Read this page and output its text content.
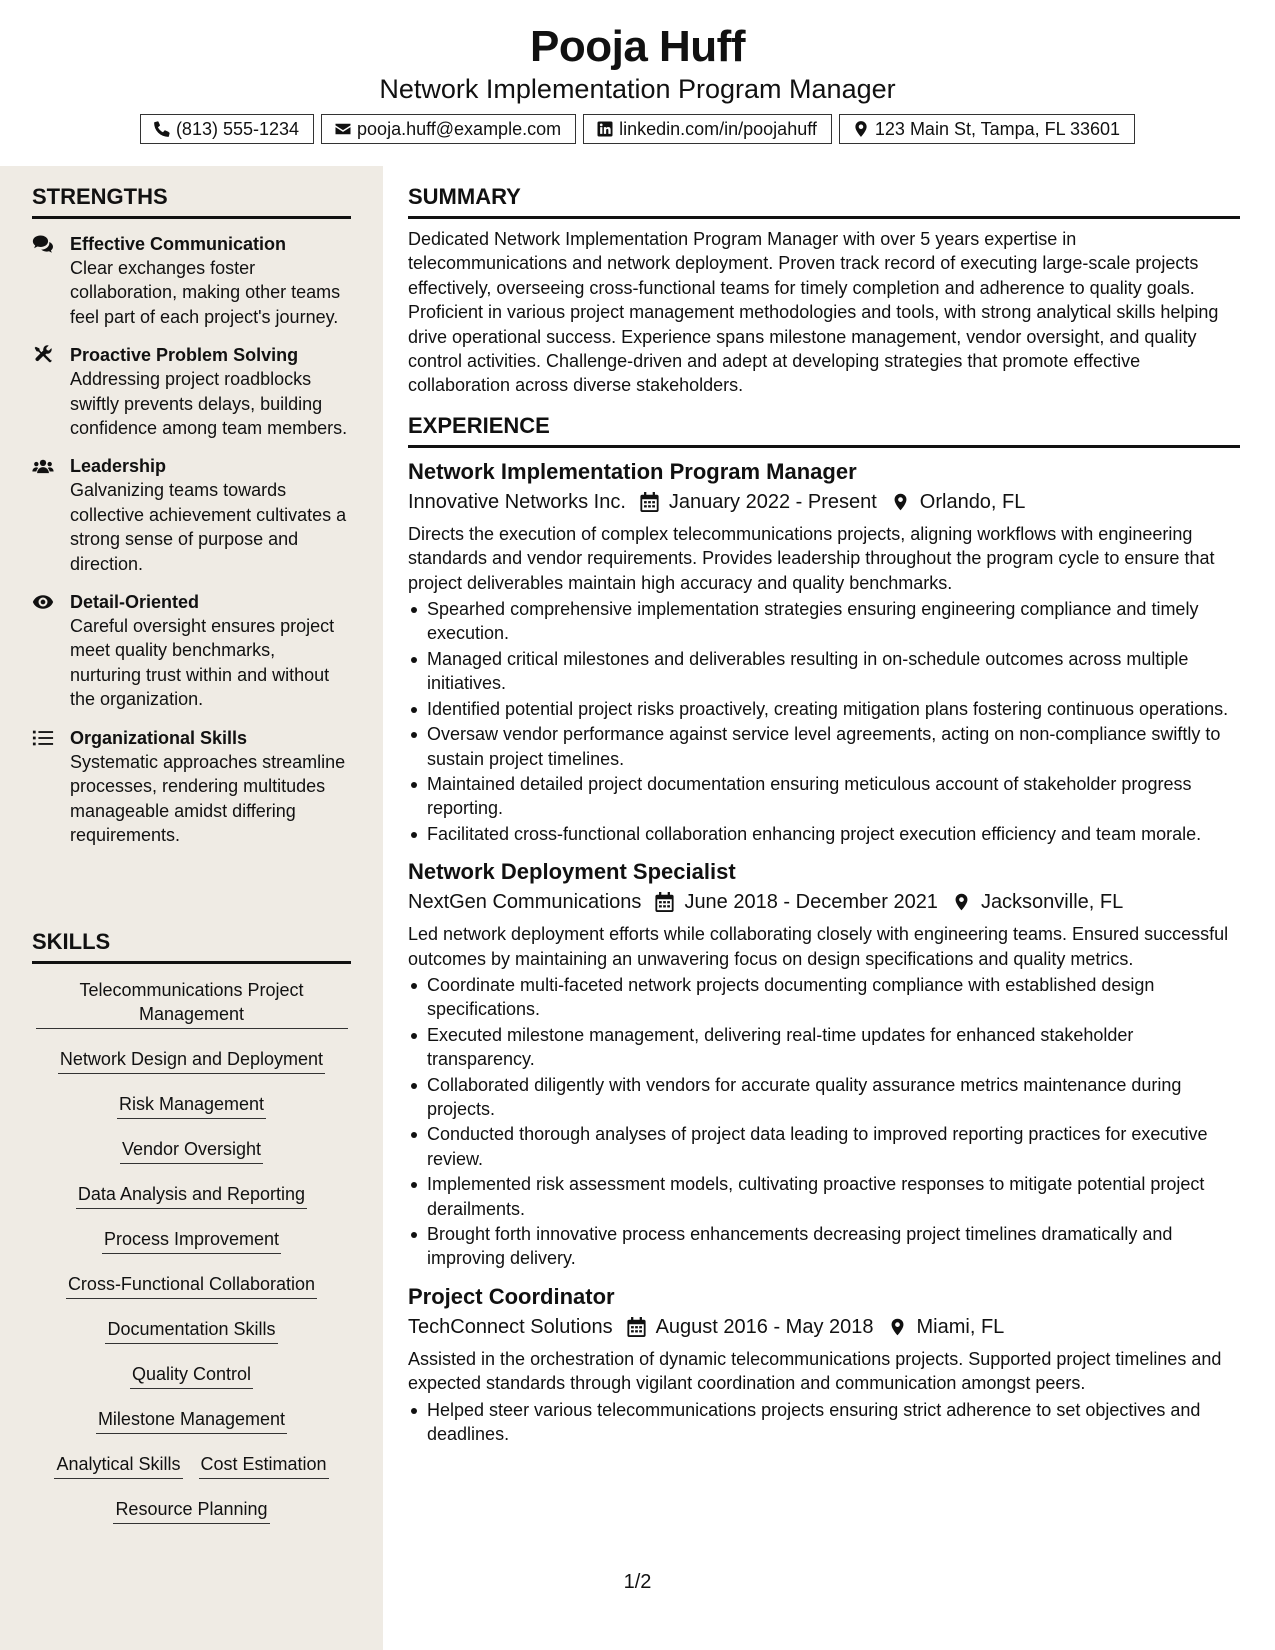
Pooja Huff
Network Implementation Program Manager
(813) 555-1234	pooja.huff@example.com	linkedin.com/in/poojahuff	123 Main St, Tampa, FL 33601
STRENGTHS
Effective Communication
Clear exchanges foster collaboration, making other teams feel part of each project's journey.
Proactive Problem Solving
Addressing project roadblocks swiftly prevents delays, building confidence among team members.
Leadership
Galvanizing teams towards collective achievement cultivates a strong sense of purpose and direction.
Detail-Oriented
Careful oversight ensures project meet quality benchmarks, nurturing trust within and without the organization.
Organizational Skills
Systematic approaches streamline processes, rendering multitudes manageable amidst differing requirements.
SKILLS
Telecommunications Project Management
Network Design and Deployment
Risk Management
Vendor Oversight
Data Analysis and Reporting
Process Improvement
Cross-Functional Collaboration
Documentation Skills
Quality Control
Milestone Management
Analytical Skills Cost Estimation
Resource Planning
SUMMARY
Dedicated Network Implementation Program Manager with over 5 years expertise in telecommunications and network deployment. Proven track record of executing large-scale projects effectively, overseeing cross-functional teams for timely completion and adherence to quality goals. Proficient in various project management methodologies and tools, with strong analytical skills helping drive operational success. Experience spans milestone management, vendor oversight, and quality control activities. Challenge-driven and adept at developing strategies that promote effective collaboration across diverse stakeholders.
EXPERIENCE
Network Implementation Program Manager
Innovative Networks Inc. January 2022 - Present Orlando, FL
Directs the execution of complex telecommunications projects, aligning workflows with engineering standards and vendor requirements. Provides leadership throughout the program cycle to ensure that project deliverables maintain high accuracy and quality benchmarks.
Spearhed comprehensive implementation strategies ensuring engineering compliance and timely execution.
Managed critical milestones and deliverables resulting in on-schedule outcomes across multiple initiatives.
Identified potential project risks proactively, creating mitigation plans fostering continuous operations.
Oversaw vendor performance against service level agreements, acting on non-compliance swiftly to sustain project timelines.
Maintained detailed project documentation ensuring meticulous account of stakeholder progress reporting.
Facilitated cross-functional collaboration enhancing project execution efficiency and team morale.
Network Deployment Specialist
NextGen Communications June 2018 - December 2021 Jacksonville, FL
Led network deployment efforts while collaborating closely with engineering teams. Ensured successful outcomes by maintaining an unwavering focus on design specifications and quality metrics.
Coordinate multi-faceted network projects documenting compliance with established design specifications.
Executed milestone management, delivering real-time updates for enhanced stakeholder transparency.
Collaborated diligently with vendors for accurate quality assurance metrics maintenance during projects.
Conducted thorough analyses of project data leading to improved reporting practices for executive review.
Implemented risk assessment models, cultivating proactive responses to mitigate potential project derailments.
Brought forth innovative process enhancements decreasing project timelines dramatically and improving delivery.
Project Coordinator
TechConnect Solutions August 2016 - May 2018 Miami, FL
Assisted in the orchestration of dynamic telecommunications projects. Supported project timelines and expected standards through vigilant coordination and communication amongst peers.
Helped steer various telecommunications projects ensuring strict adherence to set objectives and deadlines.
1/2
